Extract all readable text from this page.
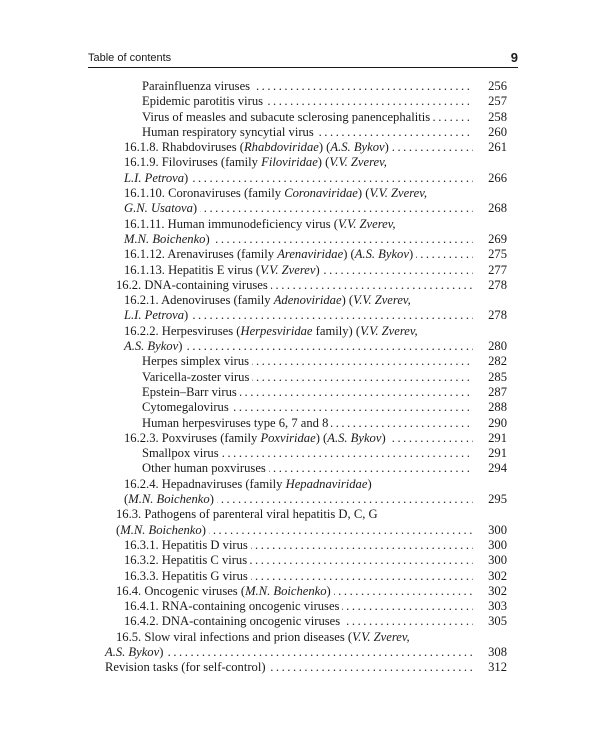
Table of contents	9
. . .
Parainfluenza viruses	256
. . .
Epidemic parotitis virus	257
. . .
Virus of measles and subacute sclerosing panencephalitis	258
. . .
Human respiratory syncytial virus	260
. . .
16.1.8. Rhabdoviruses (Rhabdoviridae) (A.S. Bykov)	261
16.1.9. Filoviruses (family Filoviridae) (V.V. Zverev,
. . .
L.I. Petrova)	266
16.1.10. Coronaviruses (family Coronaviridae) (V.V. Zverev,
. . .
G.N. Usatova)	268
16.1.11. Human immunodeficiency virus (V.V. Zverev,
. . .
M.N. Boichenko)	269
. . .
16.1.12. Arenaviruses (family Arenaviridae) (A.S. Bykov)	275
. . .
16.1.13. Hepatitis E virus (V.V. Zverev)	277
. . .
16.2. DNA-containing viruses	278
16.2.1. Adenoviruses (family Adenoviridae) (V.V. Zverev,
. . .
L.I. Petrova)	278
16.2.2. Herpesviruses (Herpesviridae family) (V.V. Zverev,
. . .
A.S. Bykov)	280
. . .
Herpes simplex virus	282
. . .
Varicella-zoster virus	285
. . .
Epstein–Barr virus	287
. . .
Cytomegalovirus	288
. . .
Human herpesviruses type 6, 7 and 8	290
. . .
16.2.3. Poxviruses (family Poxviridae) (A.S. Bykov)	291
. . .
Smallpox virus	291
. . .
Other human poxviruses	294
16.2.4. Hepadnaviruses (family Hepadnaviridae)
. . .
(M.N. Boichenko)	295
16.3. Pathogens of parenteral viral hepatitis D, C, G
. . .
(M.N. Boichenko)	300
. . .
16.3.1. Hepatitis D virus	300
. . .
16.3.2. Hepatitis C virus	300
. . .
16.3.3. Hepatitis G virus	302
. . .
16.4. Oncogenic viruses (M.N. Boichenko)	302
. . .
16.4.1. RNA-containing oncogenic viruses	303
. . .
16.4.2. DNA-containing oncogenic viruses	305
16.5. Slow viral infections and prion diseases (V.V. Zverev,
. . .
A.S. Bykov)	308
. . .
Revision tasks (for self-control)	312
